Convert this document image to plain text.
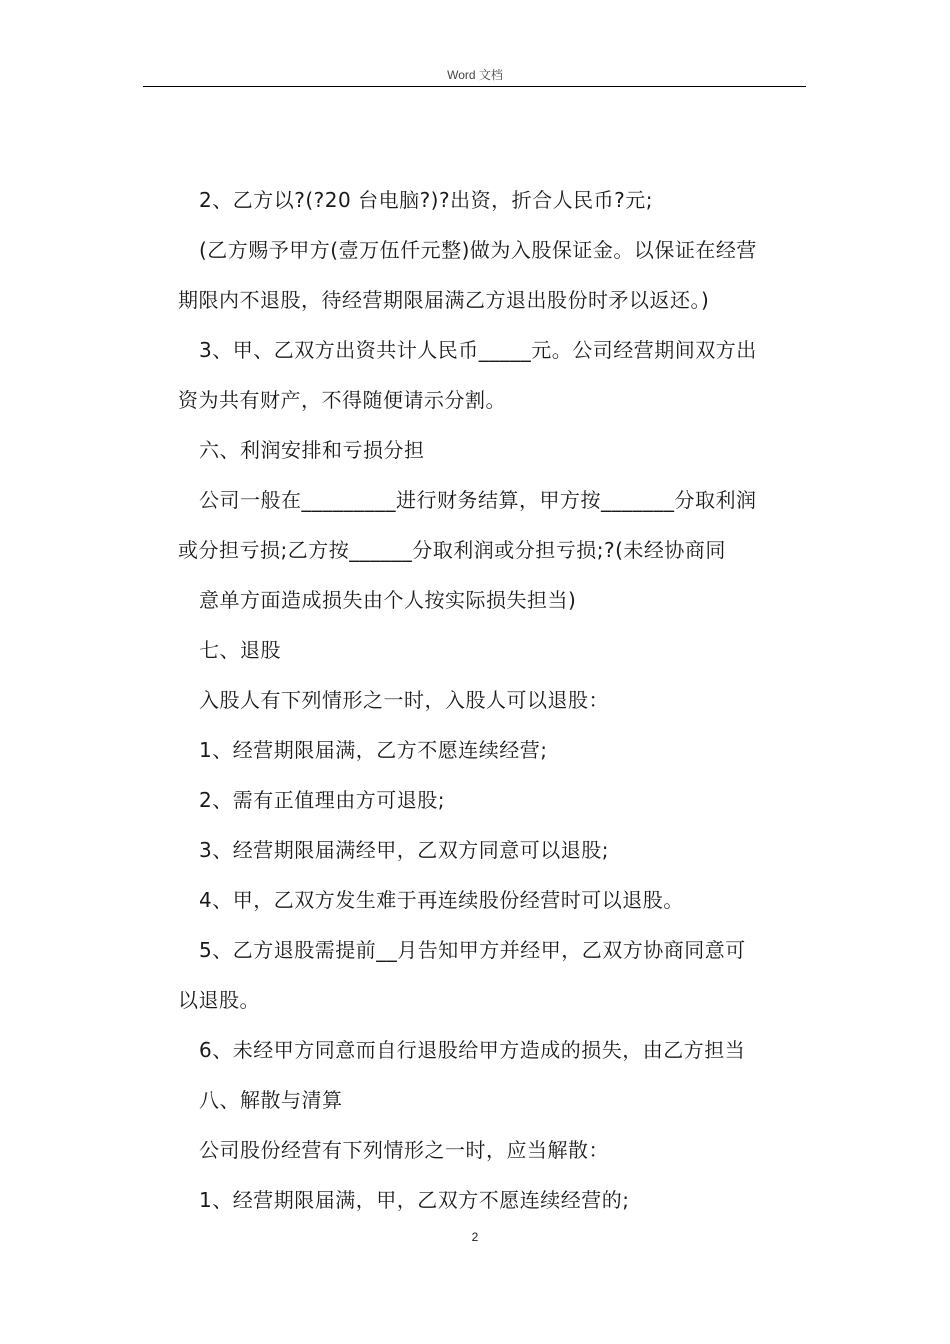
Word 文档
2、乙方以?(?20 台电脑?)?出资，折合人民币?元;
(乙方赐予甲方(壹万伍仟元整)做为入股保证金。以保证在经营
期限内不退股，待经营期限届满乙方退出股份时矛以返还。)
3、甲、乙双方出资共计人民币_____元。公司经营期间双方出
资为共有财产，不得随便请示分割。
六、利润安排和亏损分担
公司一般在_________进行财务结算，甲方按_______分取利润
或分担亏损;乙方按______分取利润或分担亏损;?(未经协商同
意单方面造成损失由个人按实际损失担当)
七、退股
入股人有下列情形之一时，入股人可以退股：
1、经营期限届满，乙方不愿连续经营;
2、需有正值理由方可退股;
3、经营期限届满经甲，乙双方同意可以退股;
4、甲，乙双方发生难于再连续股份经营时可以退股。
5、乙方退股需提前__月告知甲方并经甲，乙双方协商同意可
以退股。
6、未经甲方同意而自行退股给甲方造成的损失，由乙方担当
八、解散与清算
公司股份经营有下列情形之一时，应当解散：
1、经营期限届满，甲，乙双方不愿连续经营的;
2
